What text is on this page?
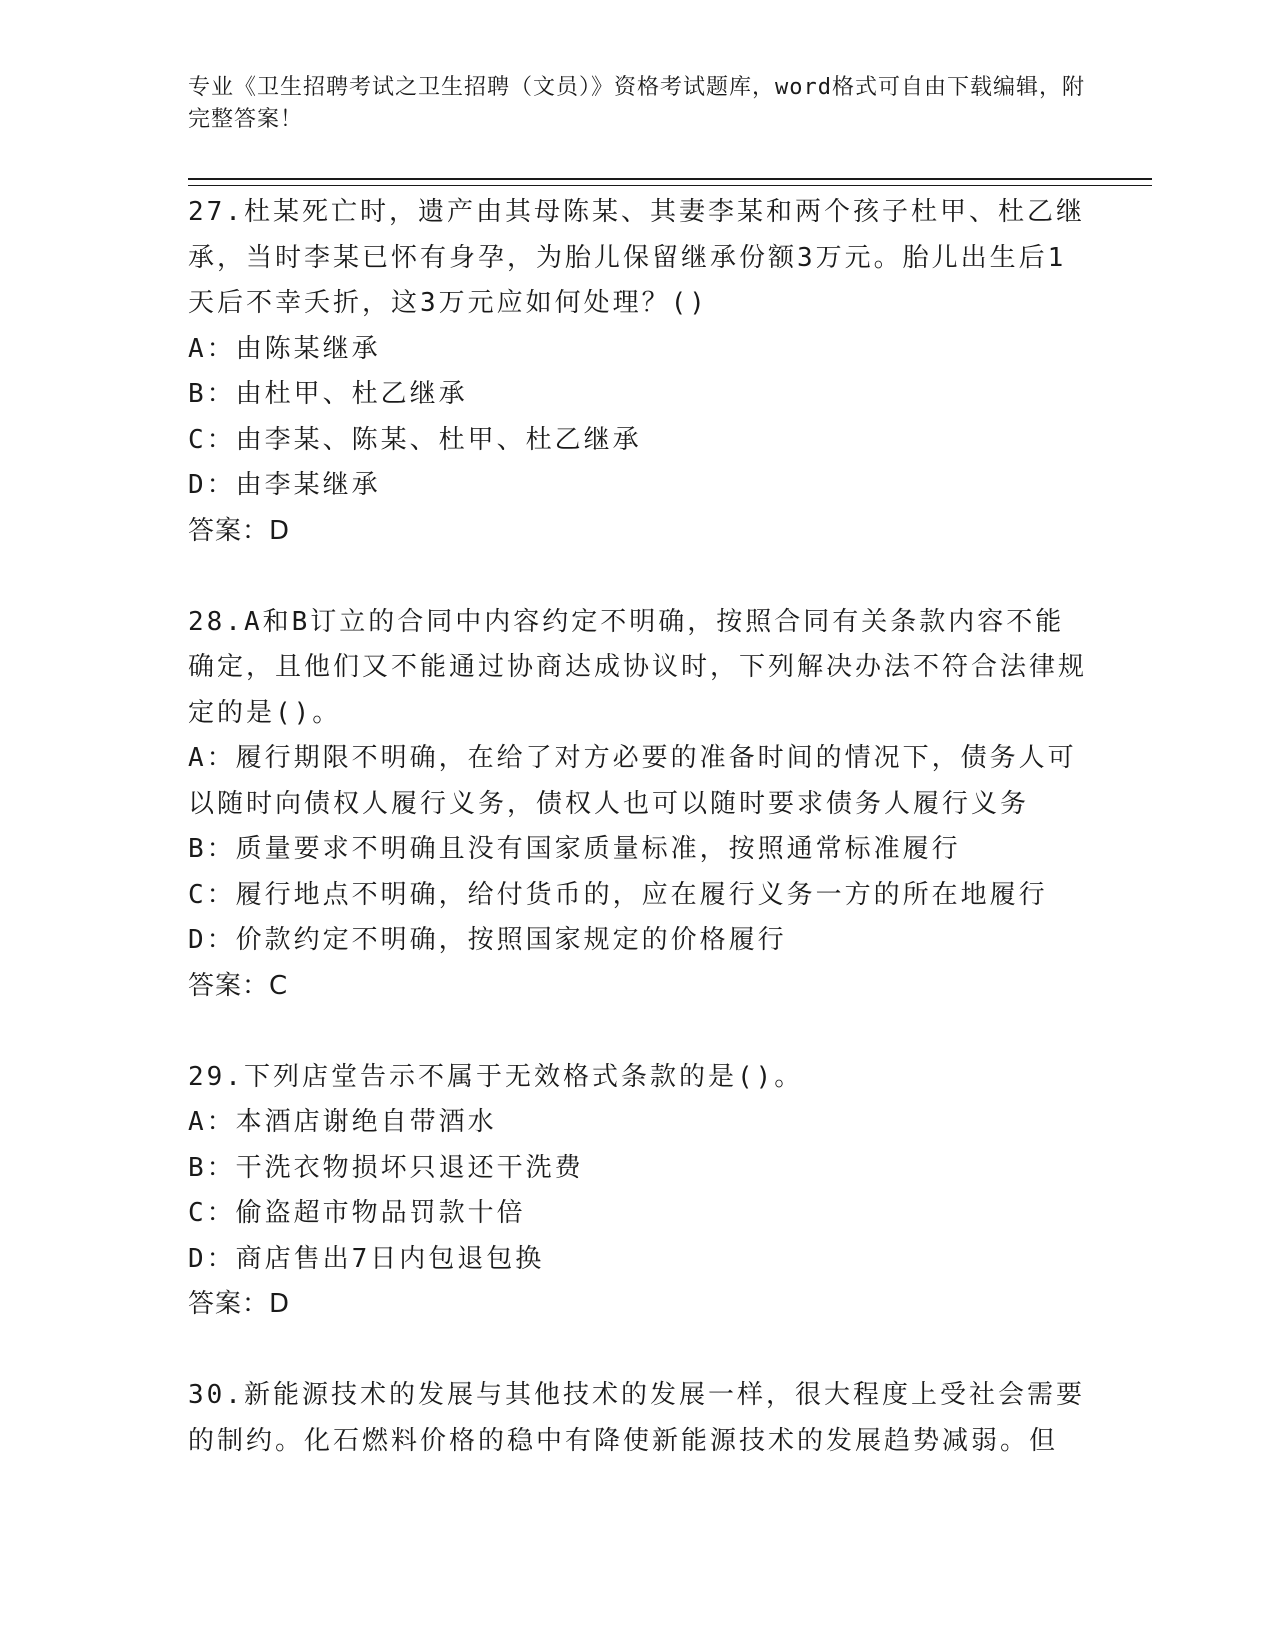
专业《卫生招聘考试之卫生招聘（文员）》资格考试题库，word格式可自由下载编辑，附完整答案！
27.杜某死亡时，遗产由其母陈某、其妻李某和两个孩子杜甲、杜乙继承，当时李某已怀有身孕，为胎儿保留继承份额3万元。胎儿出生后1天后不幸夭折，这3万元应如何处理？()
A：由陈某继承
B：由杜甲、杜乙继承
C：由李某、陈某、杜甲、杜乙继承
D：由李某继承
答案：D
28.A和B订立的合同中内容约定不明确，按照合同有关条款内容不能确定，且他们又不能通过协商达成协议时，下列解决办法不符合法律规定的是()。
A：履行期限不明确，在给了对方必要的准备时间的情况下，债务人可以随时向债权人履行义务，债权人也可以随时要求债务人履行义务
B：质量要求不明确且没有国家质量标准，按照通常标准履行
C：履行地点不明确，给付货币的，应在履行义务一方的所在地履行
D：价款约定不明确，按照国家规定的价格履行
答案：C
29.下列店堂告示不属于无效格式条款的是()。
A：本酒店谢绝自带酒水
B：干洗衣物损坏只退还干洗费
C：偷盗超市物品罚款十倍
D：商店售出7日内包退包换
答案：D
30.新能源技术的发展与其他技术的发展一样，很大程度上受社会需要的制约。化石燃料价格的稳中有降使新能源技术的发展趋势减弱。但
